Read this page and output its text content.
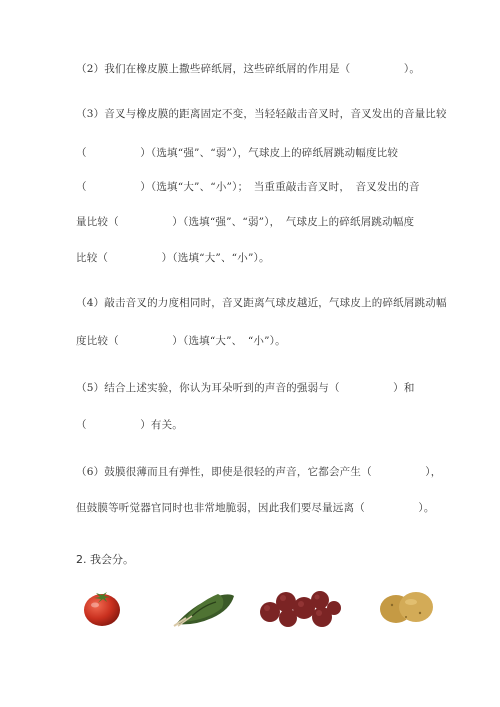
（2）我们在橡皮膜上撒些碎纸屑，这些碎纸屑的作用是（　　　　　）。
（3）音叉与橡皮膜的距离固定不变，当轻轻敲击音叉时，音叉发出的音量比较
（　　　　　）（选填“强”、“弱”），气球皮上的碎纸屑跳动幅度比较
（　　　　　）（选填“大”、“小”）；　当重重敲击音叉时，　音叉发出的音
量比较（　　　　　）（选填“强”、“弱”），　气球皮上的碎纸屑跳动幅度
比较（　　　　　）（选填“大”、“小”）。
（4）敲击音叉的力度相同时，音叉距离气球皮越近，气球皮上的碎纸屑跳动幅
度比较（　　　　　）（选填“大”、　“小”）。
（5）结合上述实验，你认为耳朵听到的声音的强弱与（　　　　　）和
（　　　　　）有关。
（6）鼓膜很薄而且有弹性，即使是很轻的声音，它都会产生（　　　　　），
但鼓膜等听觉器官同时也非常地脆弱，因此我们要尽量远离（　　　　　）。
2. 我会分。
